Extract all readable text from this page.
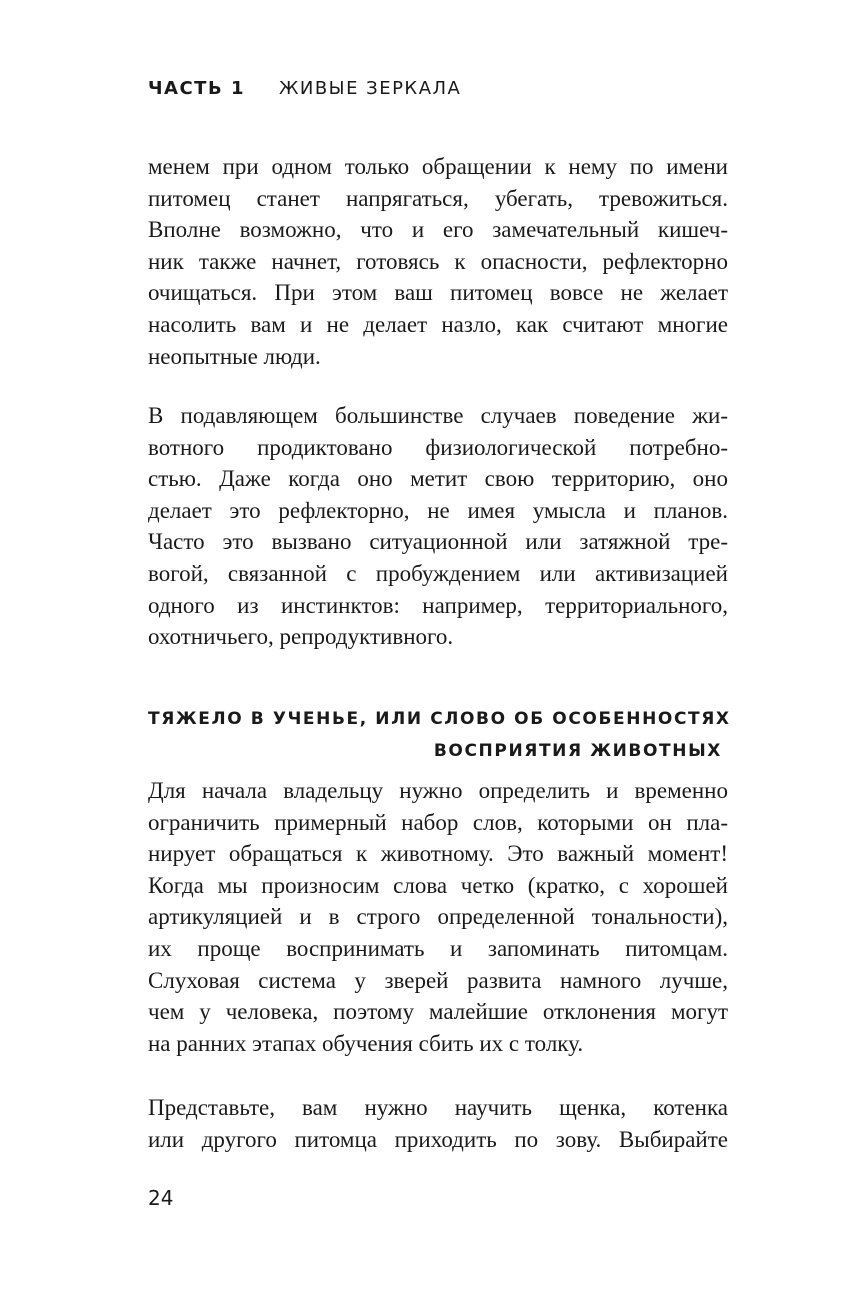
ЧАСТЬ 1 ЖИВЫЕ ЗЕРКАЛА
менем при одном только обращении к нему по имени
питомец станет напрягаться, убегать, тревожиться.
Вполне возможно, что и его замечательный кишеч-
ник также начнет, готовясь к опасности, рефлекторно
очищаться. При этом ваш питомец вовсе не желает
насолить вам и не делает назло, как считают многие
неопытные люди.
В подавляющем большинстве случаев поведение жи-
вотного продиктовано физиологической потребно-
стью. Даже когда оно метит свою территорию, оно
делает это рефлекторно, не имея умысла и планов.
Часто это вызвано ситуационной или затяжной тре-
вогой, связанной с пробуждением или активизацией
одного из инстинктов: например, территориального,
охотничьего, репродуктивного.
ТЯЖЕЛО В УЧЕНЬЕ, ИЛИ СЛОВО ОБ ОСОБЕННОСТЯХ
ВОСПРИЯТИЯ ЖИВОТНЫХ
Для начала владельцу нужно определить и временно
ограничить примерный набор слов, которыми он пла-
нирует обращаться к животному. Это важный момент!
Когда мы произносим слова четко (кратко, с хорошей
артикуляцией и в строго определенной тональности),
их проще воспринимать и запоминать питомцам.
Слуховая система у зверей развита намного лучше,
чем у человека, поэтому малейшие отклонения могут
на ранних этапах обучения сбить их с толку.
Представьте, вам нужно научить щенка, котенка
или другого питомца приходить по зову. Выбирайте
24
